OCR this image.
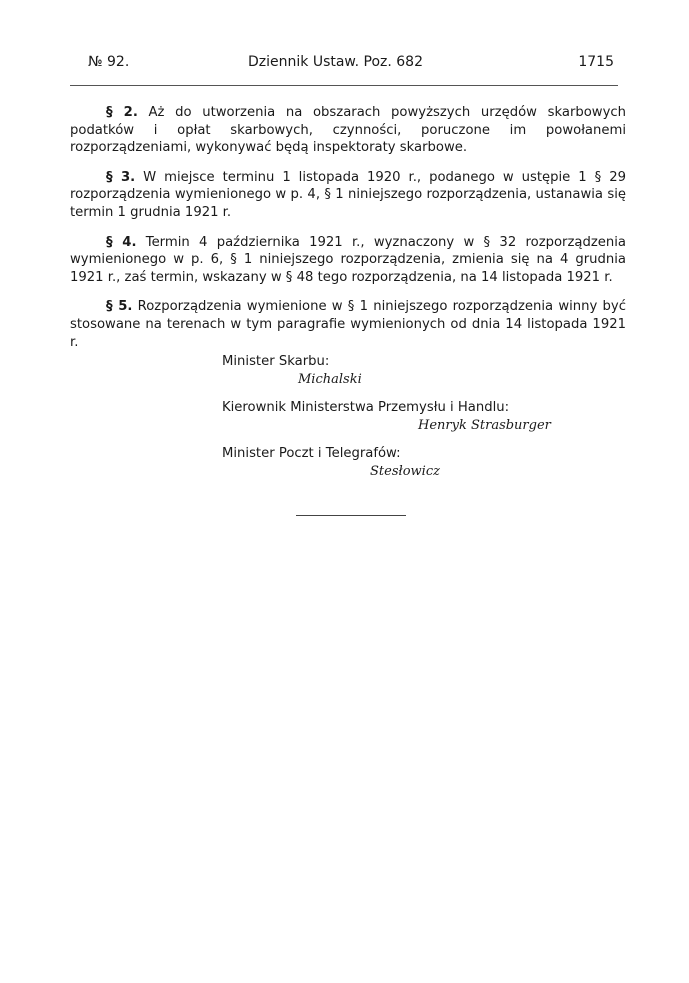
№ 92.	Dziennik Ustaw. Poz. 682	1715

§ 2. Aż do utworzenia na obszarach powyższych urzędów skarbowych podatków i opłat skarbowych, czynności, poruczone im powołanemi rozporządzeniami, wykonywać będą inspektoraty skarbowe.

§ 3. W miejsce terminu 1 listopada 1920 r., podanego w ustępie 1 § 29 rozporządzenia wymienionego w p. 4, § 1 niniejszego rozporządzenia, ustanawia się termin 1 grudnia 1921 r.

§ 4. Termin 4 października 1921 r., wyznaczony w § 32 rozporządzenia wymienionego w p. 6, § 1 niniejszego rozporządzenia, zmienia się na 4 grudnia 1921 r., zaś termin, wskazany w § 48 tego rozporządzenia, na 14 listopada 1921 r.

§ 5. Rozporządzenia wymienione w § 1 niniejszego rozporządzenia winny być stosowane na terenach w tym paragrafie wymienionych od dnia 14 listopada 1921 r.

Minister Skarbu:
Michalski
Kierownik Ministerstwa Przemysłu i Handlu:
Henryk Strasburger
Minister Poczt i Telegrafów:
Stesłowicz
